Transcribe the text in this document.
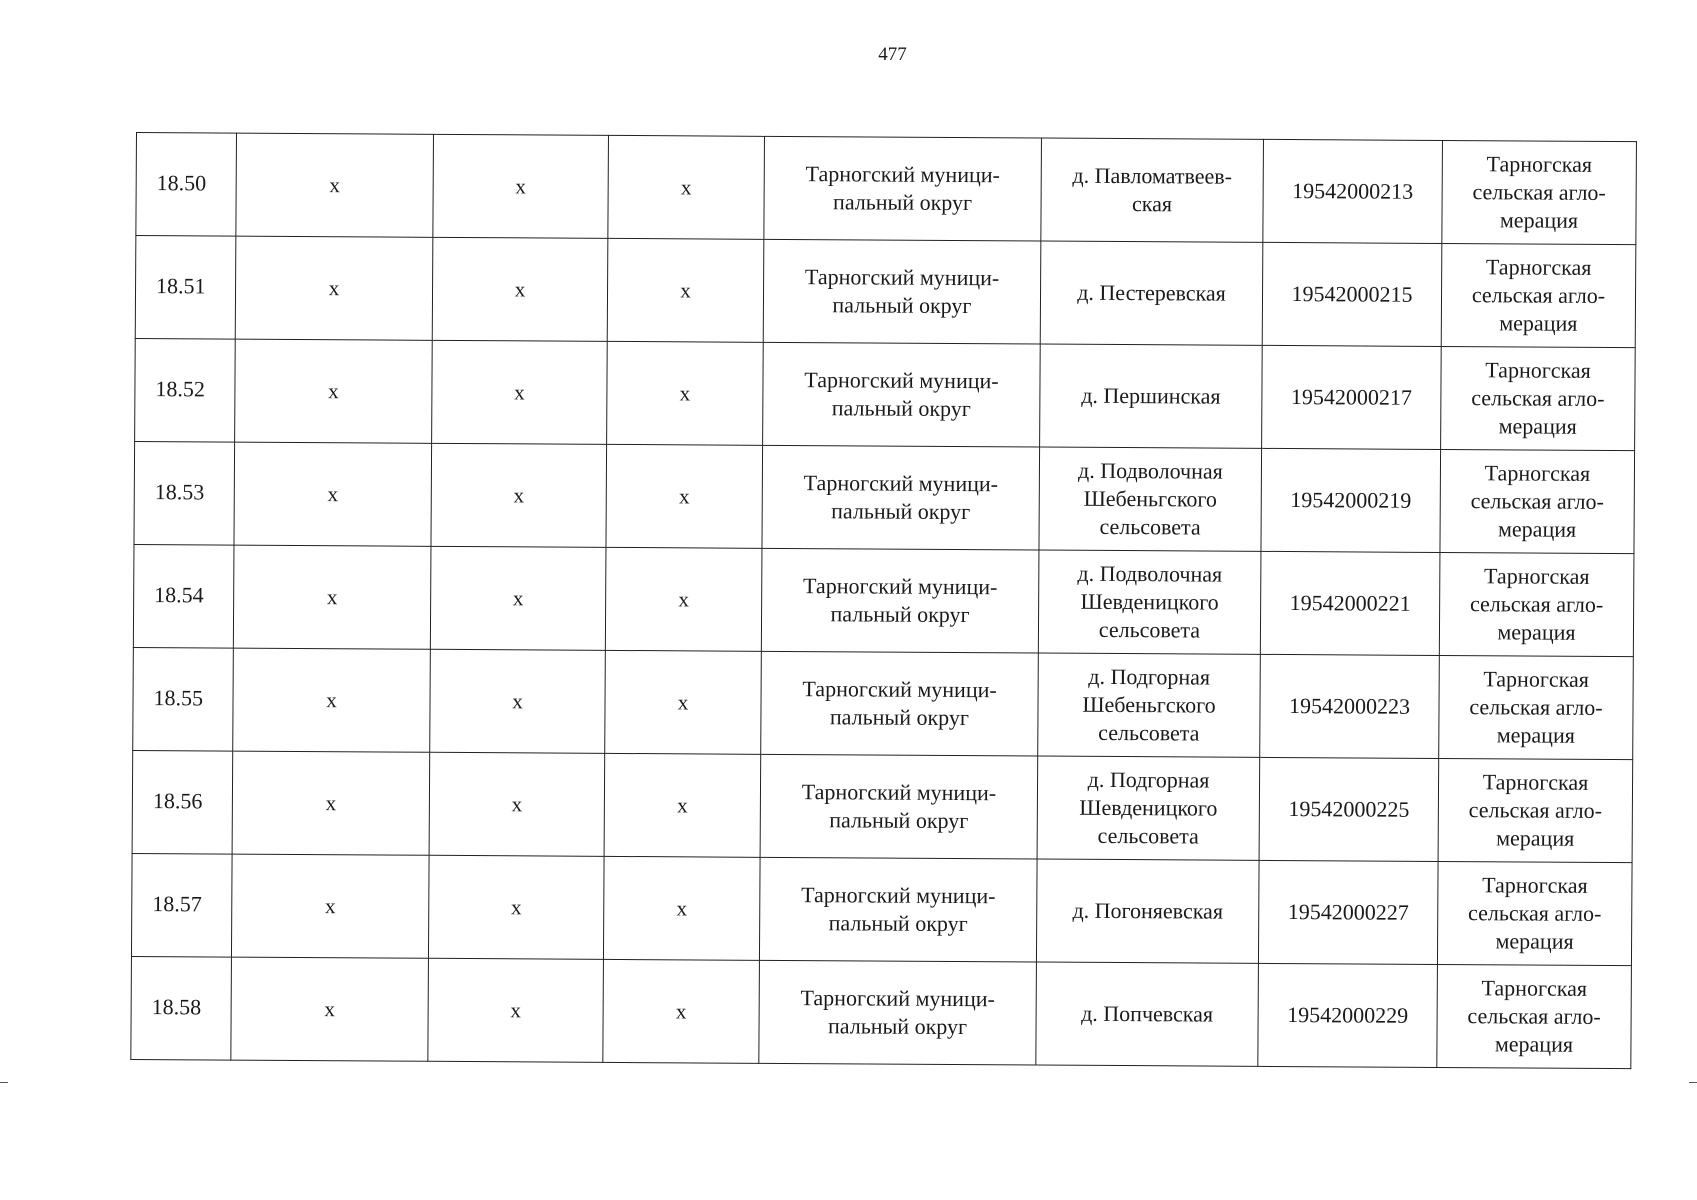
477
18.50	x	x	x	Тарногский муници-
пальный округ	д. Павломатвеев-
ская	19542000213	Тарногская
сельская агло-
мерация
18.51	x	x	x	Тарногский муници-
пальный округ	д. Пестеревская	19542000215	Тарногская
сельская агло-
мерация
18.52	x	x	x	Тарногский муници-
пальный округ	д. Першинская	19542000217	Тарногская
сельская агло-
мерация
18.53	x	x	x	Тарногский муници-
пальный округ	д. Подволочная
Шебеньгского
сельсовета	19542000219	Тарногская
сельская агло-
мерация
18.54	x	x	x	Тарногский муници-
пальный округ	д. Подволочная
Шевденицкого
сельсовета	19542000221	Тарногская
сельская агло-
мерация
18.55	x	x	x	Тарногский муници-
пальный округ	д. Подгорная
Шебеньгского
сельсовета	19542000223	Тарногская
сельская агло-
мерация
18.56	x	x	x	Тарногский муници-
пальный округ	д. Подгорная
Шевденицкого
сельсовета	19542000225	Тарногская
сельская агло-
мерация
18.57	x	x	x	Тарногский муници-
пальный округ	д. Погоняевская	19542000227	Тарногская
сельская агло-
мерация
18.58	x	x	x	Тарногский муници-
пальный округ	д. Попчевская	19542000229	Тарногская
сельская агло-
мерация
